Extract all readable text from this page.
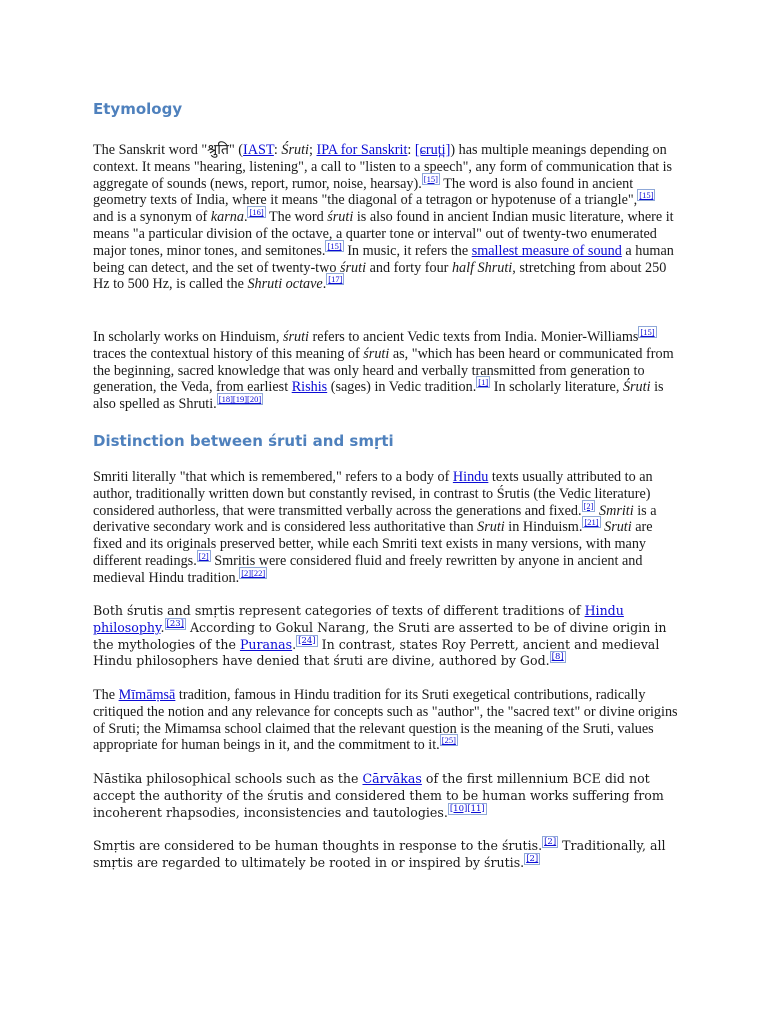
Etymology

The Sanskrit word "श्रुति" (IAST: Śruti; IPA for Sanskrit: [ɕrut̪i]) has multiple meanings depending on context. It means "hearing, listening", a call to "listen to a speech", any form of communication that is aggregate of sounds (news, report, rumor, noise, hearsay). [15] The word is also found in ancient geometry texts of India, where it means "the diagonal of a tetragon or hypotenuse of a triangle", [15] and is a synonym of karna. [16] The word śruti is also found in ancient Indian music literature, where it means "a particular division of the octave, a quarter tone or interval" out of twenty-two enumerated major tones, minor tones, and semitones. [15] In music, it refers the smallest measure of sound a human being can detect, and the set of twenty-two śruti and forty four half Shruti, stretching from about 250 Hz to 500 Hz, is called the Shruti octave. [17]

In scholarly works on Hinduism, śruti refers to ancient Vedic texts from India. Monier-Williams [15] traces the contextual history of this meaning of śruti as, "which has been heard or communicated from the beginning, sacred knowledge that was only heard and verbally transmitted from generation to generation, the Veda, from earliest Rishis (sages) in Vedic tradition. [1] In scholarly literature, Śruti is also spelled as Shruti. [18][19][20]

Distinction between śruti and smṛti

Smriti literally "that which is remembered," refers to a body of Hindu texts usually attributed to an author, traditionally written down but constantly revised, in contrast to Śrutis (the Vedic literature) considered authorless, that were transmitted verbally across the generations and fixed. [2] Smriti is a derivative secondary work and is considered less authoritative than Sruti in Hinduism. [21] Sruti are fixed and its originals preserved better, while each Smriti text exists in many versions, with many different readings. [2] Smritis were considered fluid and freely rewritten by anyone in ancient and medieval Hindu tradition. [2][22]

Both śrutis and smṛtis represent categories of texts of different traditions of Hindu philosophy. [23] According to Gokul Narang, the Sruti are asserted to be of divine origin in the mythologies of the Puranas. [24] In contrast, states Roy Perrett, ancient and medieval Hindu philosophers have denied that śruti are divine, authored by God. [8]

The Mīmāṃsā tradition, famous in Hindu tradition for its Sruti exegetical contributions, radically critiqued the notion and any relevance for concepts such as "author", the "sacred text" or divine origins of Sruti; the Mimamsa school claimed that the relevant question is the meaning of the Sruti, values appropriate for human beings in it, and the commitment to it. [25]

Nāstika philosophical schools such as the Cārvākas of the first millennium BCE did not accept the authority of the śrutis and considered them to be human works suffering from incoherent rhapsodies, inconsistencies and tautologies. [10][11]

Smṛtis are considered to be human thoughts in response to the śrutis. [2] Traditionally, all smṛtis are regarded to ultimately be rooted in or inspired by śrutis. [2]
